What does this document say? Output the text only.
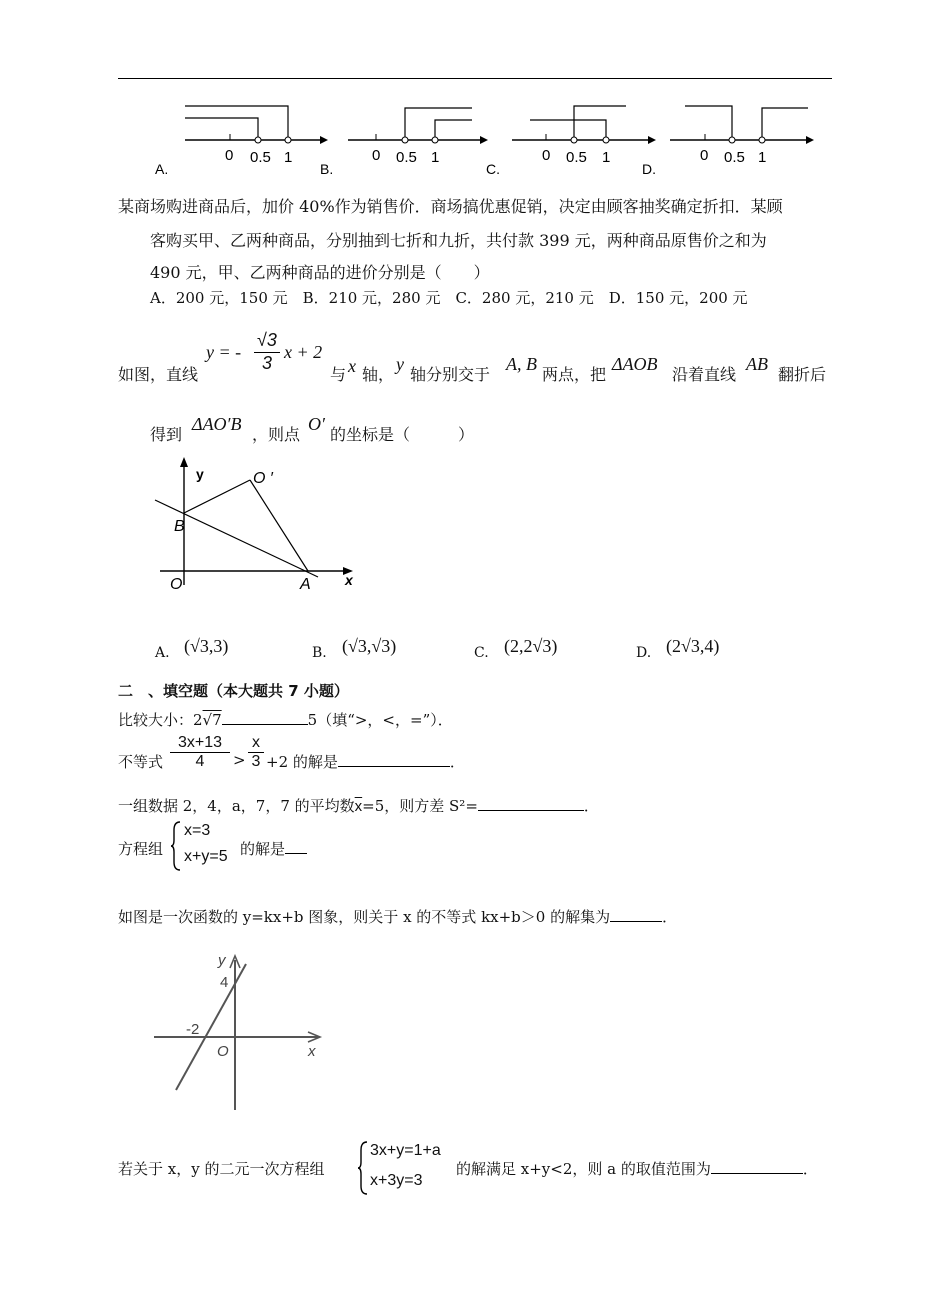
0 0.5 1
A.
0 0.5 1
B.
0 0.5 1
C.
0 0.5 1
D.
某商场购进商品后，加价 40%作为销售价．商场搞优惠促销，决定由顾客抽奖确定折扣．某顾
客购买甲、乙两种商品，分别抽到七折和九折，共付款 399 元，两种商品原售价之和为
490 元，甲、乙两种商品的进价分别是（　　）
A．200 元，150 元　B．210 元，280 元　C．280 元，210 元　D．150 元，200 元
如图，直线
y = - $\frac{√3}{3}$ x + 2
与 x 轴，
y
轴分别交于
A, B
两点，把
ΔAOB
沿着直线
AB
翻折后
得到
ΔAO′B
，则点
O′
的坐标是（　　　）
y
x
O ′
B
O	A
A. (√3,3)	B. (√3,√3)	C. (2,2√3)	D. (2√3,4)
二　、填空题（本大题共 7 小题）
比较大小：2√7	5（填“>，<，=”）．
不等式 $\frac{3x+13}{4} > \frac{x}{3} +2$ 的解是	．
一组数据 2，4，a，7，7 的平均数$\overline{x}=5$，则方差 S²=	．
方程组
x=3
x+y=5 的解是
如图是一次函数的 y=kx+b 图象，则关于 x 的不等式 kx+b＞0 的解集为	．
y
4
-2
O	x
若关于 x，y 的二元一次方程组
3x+y=1+a
x+3y=3
的解满足 x+y<2，则 a 的取值范围为	．
